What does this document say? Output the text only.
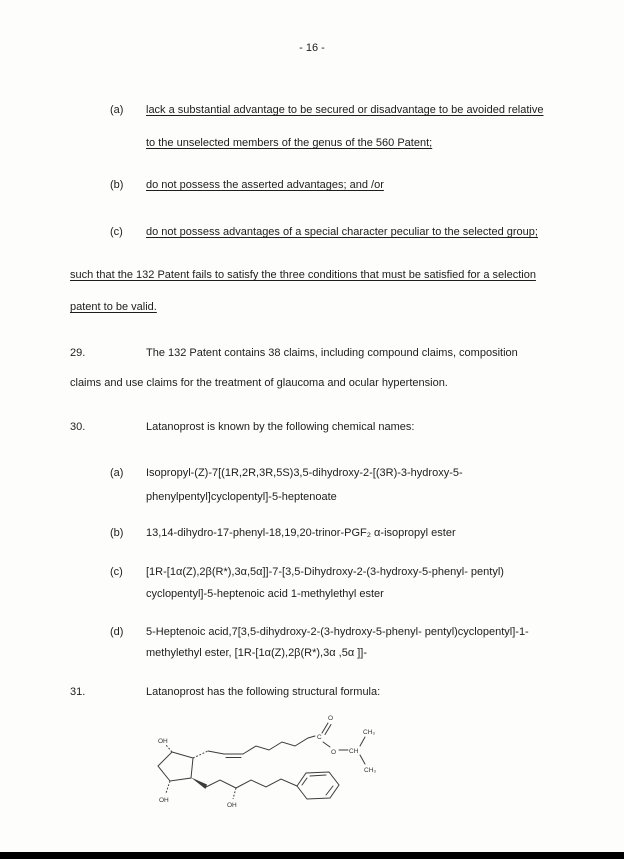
- 16 -
(a) lack a substantial advantage to be secured or disadvantage to be avoided relative
to the unselected members of the genus of the 560 Patent;
(b) do not possess the asserted advantages; and /or
(c) do not possess advantages of a special character peculiar to the selected group;
such that the 132 Patent fails to satisfy the three conditions that must be satisfied for a selection
patent to be valid.
29.	The 132 Patent contains 38 claims, including compound claims, composition
claims and use claims for the treatment of glaucoma and ocular hypertension.
30.	Latanoprost is known by the following chemical names:
(a) Isopropyl-(Z)-7[(1R,2R,3R,5S)3,5-dihydroxy-2-[(3R)-3-hydroxy-5-
phenylpentyl]cyclopentyl]-5-heptenoate
(b) 13,14-dihydro-17-phenyl-18,19,20-trinor-PGF₂ α-isopropyl ester
(c) [1R-[1α(Z),2β(R*),3α,5α]]-7-[3,5-Dihydroxy-2-(3-hydroxy-5-phenyl- pentyl)
cyclopentyl]-5-heptenoic acid 1-methylethyl ester
(d) 5-Heptenoic acid,7[3,5-dihydroxy-2-(3-hydroxy-5-phenyl- pentyl)cyclopentyl]-1-
methylethyl ester, [1R-[1α(Z),2β(R*),3α ,5α ]]-
31.	Latanoprost has the following structural formula:
OH
OH
C
O
O CH
CH₃
CH₃
OH
